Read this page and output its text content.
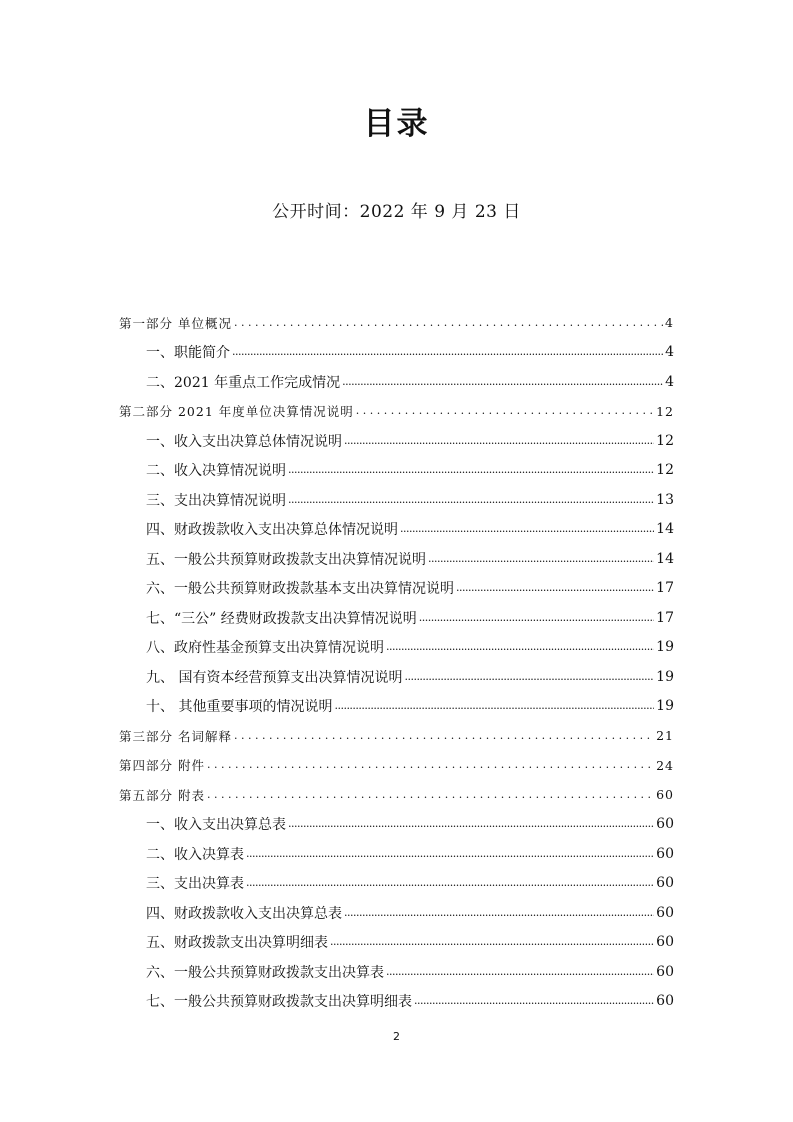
目录
公开时间：2022 年 9 月 23 日
第一部分 单位概况 . . .	4
一、职能简介 .....	4
二、2021 年重点工作完成情况 .....	4
第二部分 2021 年度单位决算情况说明 . . .	12
一、收入支出决算总体情况说明 .....	12
二、收入决算情况说明 .....	12
三、支出决算情况说明 .....	13
四、财政拨款收入支出决算总体情况说明 .....	14
五、一般公共预算财政拨款支出决算情况说明 .....	14
六、一般公共预算财政拨款基本支出决算情况说明 .....	17
七、“三公” 经费财政拨款支出决算情况说明 .....	17
八、政府性基金预算支出决算情况说明 .....	19
九、 国有资本经营预算支出决算情况说明 .....	19
十、 其他重要事项的情况说明 .....	19
第三部分 名词解释 . . .	21
第四部分 附件 . . .	24
第五部分 附表 . . .	60
一、收入支出决算总表 .....	60
二、收入决算表 .....	60
三、支出决算表 .....	60
四、财政拨款收入支出决算总表 .....	60
五、财政拨款支出决算明细表 .....	60
六、一般公共预算财政拨款支出决算表 .....	60
七、一般公共预算财政拨款支出决算明细表 .....	60
2
